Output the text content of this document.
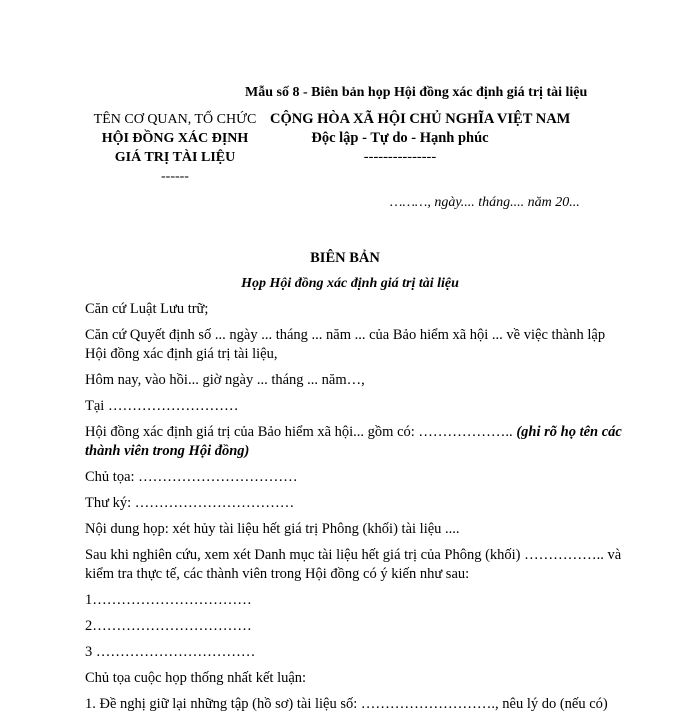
Mẫu số 8 - Biên bản họp Hội đồng xác định giá trị tài liệu
TÊN CƠ QUAN, TỔ CHỨC
HỘI ĐỒNG XÁC ĐỊNH
GIÁ TRỊ TÀI LIỆU
------
CỘNG HÒA XÃ HỘI CHỦ NGHĨA VIỆT NAM
Độc lập - Tự do - Hạnh phúc
---------------
………, ngày.... tháng.... năm 20...
BIÊN BẢN
Họp Hội đồng xác định giá trị tài liệu

Căn cứ Luật Lưu trữ;

Căn cứ Quyết định số ... ngày ... tháng ... năm ... của Bảo hiểm xã hội ... về việc thành lập Hội đồng xác định giá trị tài liệu,

Hôm nay, vào hồi... giờ ngày ... tháng ... năm…,

Tại ………………………

Hội đồng xác định giá trị của Bảo hiểm xã hội... gồm có: ……………….. (ghi rõ họ tên các thành viên trong Hội đồng)

Chủ tọa: ……………………………

Thư ký: ……………………………

Nội dung họp: xét hủy tài liệu hết giá trị Phông (khối) tài liệu ....

Sau khi nghiên cứu, xem xét Danh mục tài liệu hết giá trị của Phông (khối) …………….. và kiểm tra thực tế, các thành viên trong Hội đồng có ý kiến như sau:

1……………………………

2……………………………

3 ……………………………

Chủ tọa cuộc họp thống nhất kết luận:

1. Đề nghị giữ lại những tập (hồ sơ) tài liệu số: ………………………., nêu lý do (nếu có)
